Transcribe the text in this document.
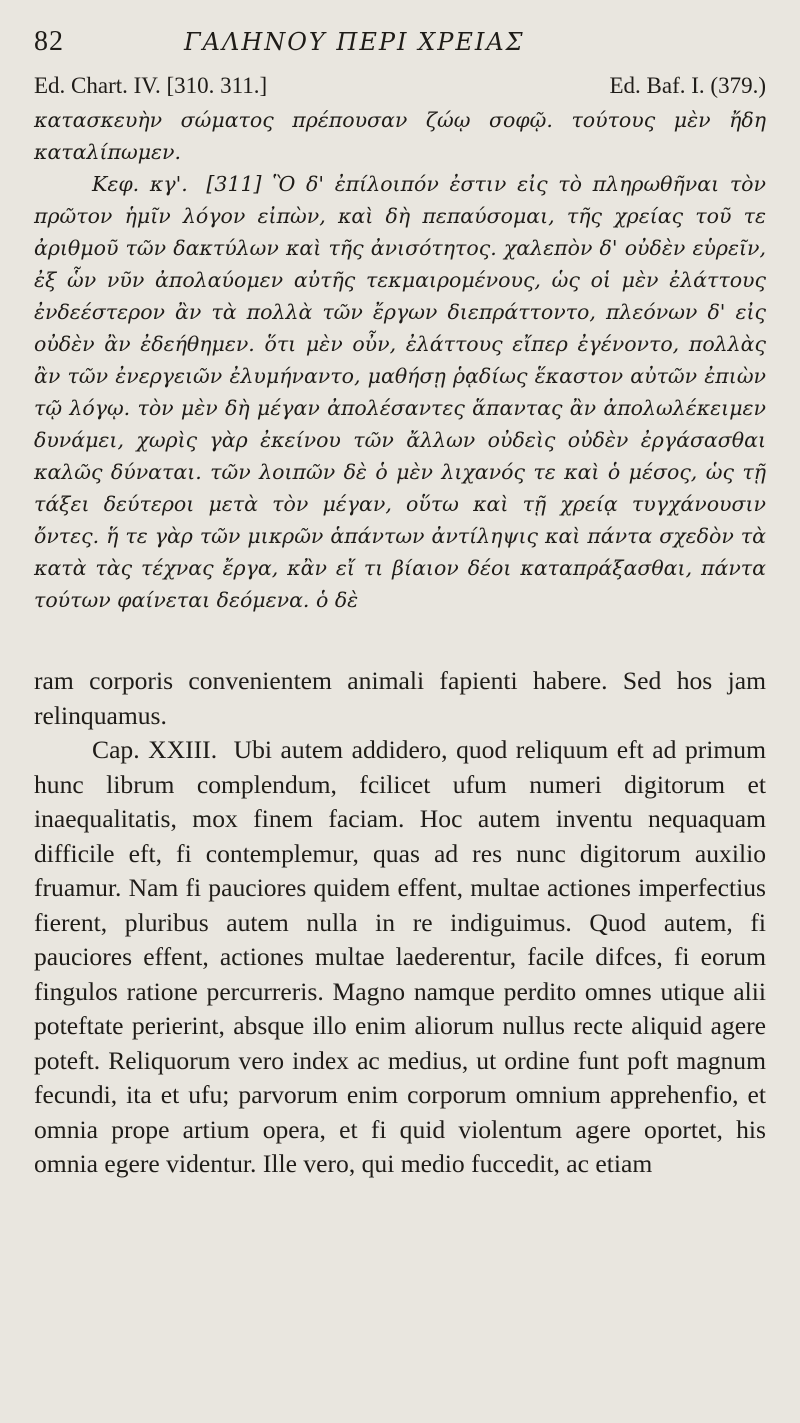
82	ΓΑΛΗΝΟΥ ΠΕΡΙ ΧΡΕΙΑΣ
Ed. Chart. IV. [310. 311.]	Ed. Baf. I. (379.)

κατασκευὴν σώματος πρέπουσαν ζώῳ σοφῷ. τούτους μὲν ἤδη καταλίπωμεν.

Κεφ. κγ'. [311] Ὃ δ' ἐπίλοιπόν ἐστιν εἰς τὸ πληρωθῆναι τὸν πρῶτον ἡμῖν λόγον εἰπὼν, καὶ δὴ πεπαύσομαι, τῆς χρείας τοῦ τε ἀριθμοῦ τῶν δακτύλων καὶ τῆς ἀνισότητος. χαλεπὸν δ' οὐδὲν εὑρεῖν, ἐξ ὧν νῦν ἀπολαύομεν αὐτῆς τεκμαιρομένους, ὡς οἱ μὲν ἐλάττους ἐνδεέστερον ἂν τὰ πολλὰ τῶν ἔργων διεπράττοντο, πλεόνων δ' εἰς οὐδὲν ἂν ἐδεήθημεν. ὅτι μὲν οὖν, ἐλάττους εἴπερ ἐγένοντο, πολλὰς ἂν τῶν ἐνεργειῶν ἐλυμήναντο, μαθήσῃ ῥᾳδίως ἕκαστον αὐτῶν ἐπιὼν τῷ λόγῳ. τὸν μὲν δὴ μέγαν ἀπολέσαντες ἅπαντας ἂν ἀπολωλέκειμεν δυνάμει, χωρὶς γὰρ ἐκείνου τῶν ἄλλων οὐδεὶς οὐδὲν ἐργάσασθαι καλῶς δύναται. τῶν λοιπῶν δὲ ὁ μὲν λιχανός τε καὶ ὁ μέσος, ὡς τῇ τάξει δεύτεροι μετὰ τὸν μέγαν, οὕτω καὶ τῇ χρείᾳ τυγχάνουσιν ὄντες. ἥ τε γὰρ τῶν μικρῶν ἁπάντων ἀντίληψις καὶ πάντα σχεδὸν τὰ κατὰ τὰς τέχνας ἔργα, κἂν εἴ τι βίαιον δέοι καταπράξασθαι, πάντα τούτων φαίνεται δεόμενα. ὁ δὲ

ram corporis convenientem animali fapienti habere. Sed hos jam relinquamus.

Cap. XXIII. Ubi autem addidero, quod reliquum eft ad primum hunc librum complendum, fcilicet ufum numeri digitorum et inaequalitatis, mox finem faciam. Hoc autem inventu nequaquam difficile eft, fi contemplemur, quas ad res nunc digitorum auxilio fruamur. Nam fi pauciores quidem effent, multae actiones imperfectius fierent, pluribus autem nulla in re indiguimus. Quod autem, fi pauciores effent, actiones multae laederentur, facile difces, fi eorum fingulos ratione percurreris. Magno namque perdito omnes utique alii poteftate perierint, absque illo enim aliorum nullus recte aliquid agere poteft. Reliquorum vero index ac medius, ut ordine funt poft magnum fecundi, ita et ufu; parvorum enim corporum omnium apprehenfio, et omnia prope artium opera, et fi quid violentum agere oportet, his omnia egere videntur. Ille vero, qui medio fuccedit, ac etiam
